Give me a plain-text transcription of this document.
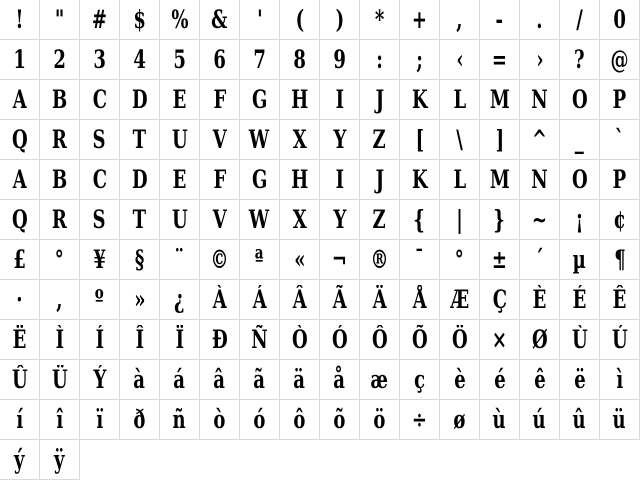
! " # $ % & ' ( ) * + , - . / 0
1 2 3 4 5 6 7 8 9 : ; ‹ = › ? @
A B C D E F G H I J K L M N O P
Q R S T U V W X Y Z [ \ ] ^ _ `
A B C D E F G H I J K L M N O P
Q R S T U V W X Y Z { | } ~ ¡ ¢
£ ° ¥ § ¨ © ª « ¬ ® ¯ ° ± ´ µ ¶
· , º » ¿ À Á Â Ã Ä Å Æ Ç È É Ê
Ë Ì Í Î Ï Ð Ñ Ò Ó Ô Õ Ö × Ø Ù Ú
Û Ü Ý à á â ã ä å æ ç è é ê ë ì
í î ï ð ñ ò ó ô õ ö ÷ ø ù ú û ü
ý ÿ
